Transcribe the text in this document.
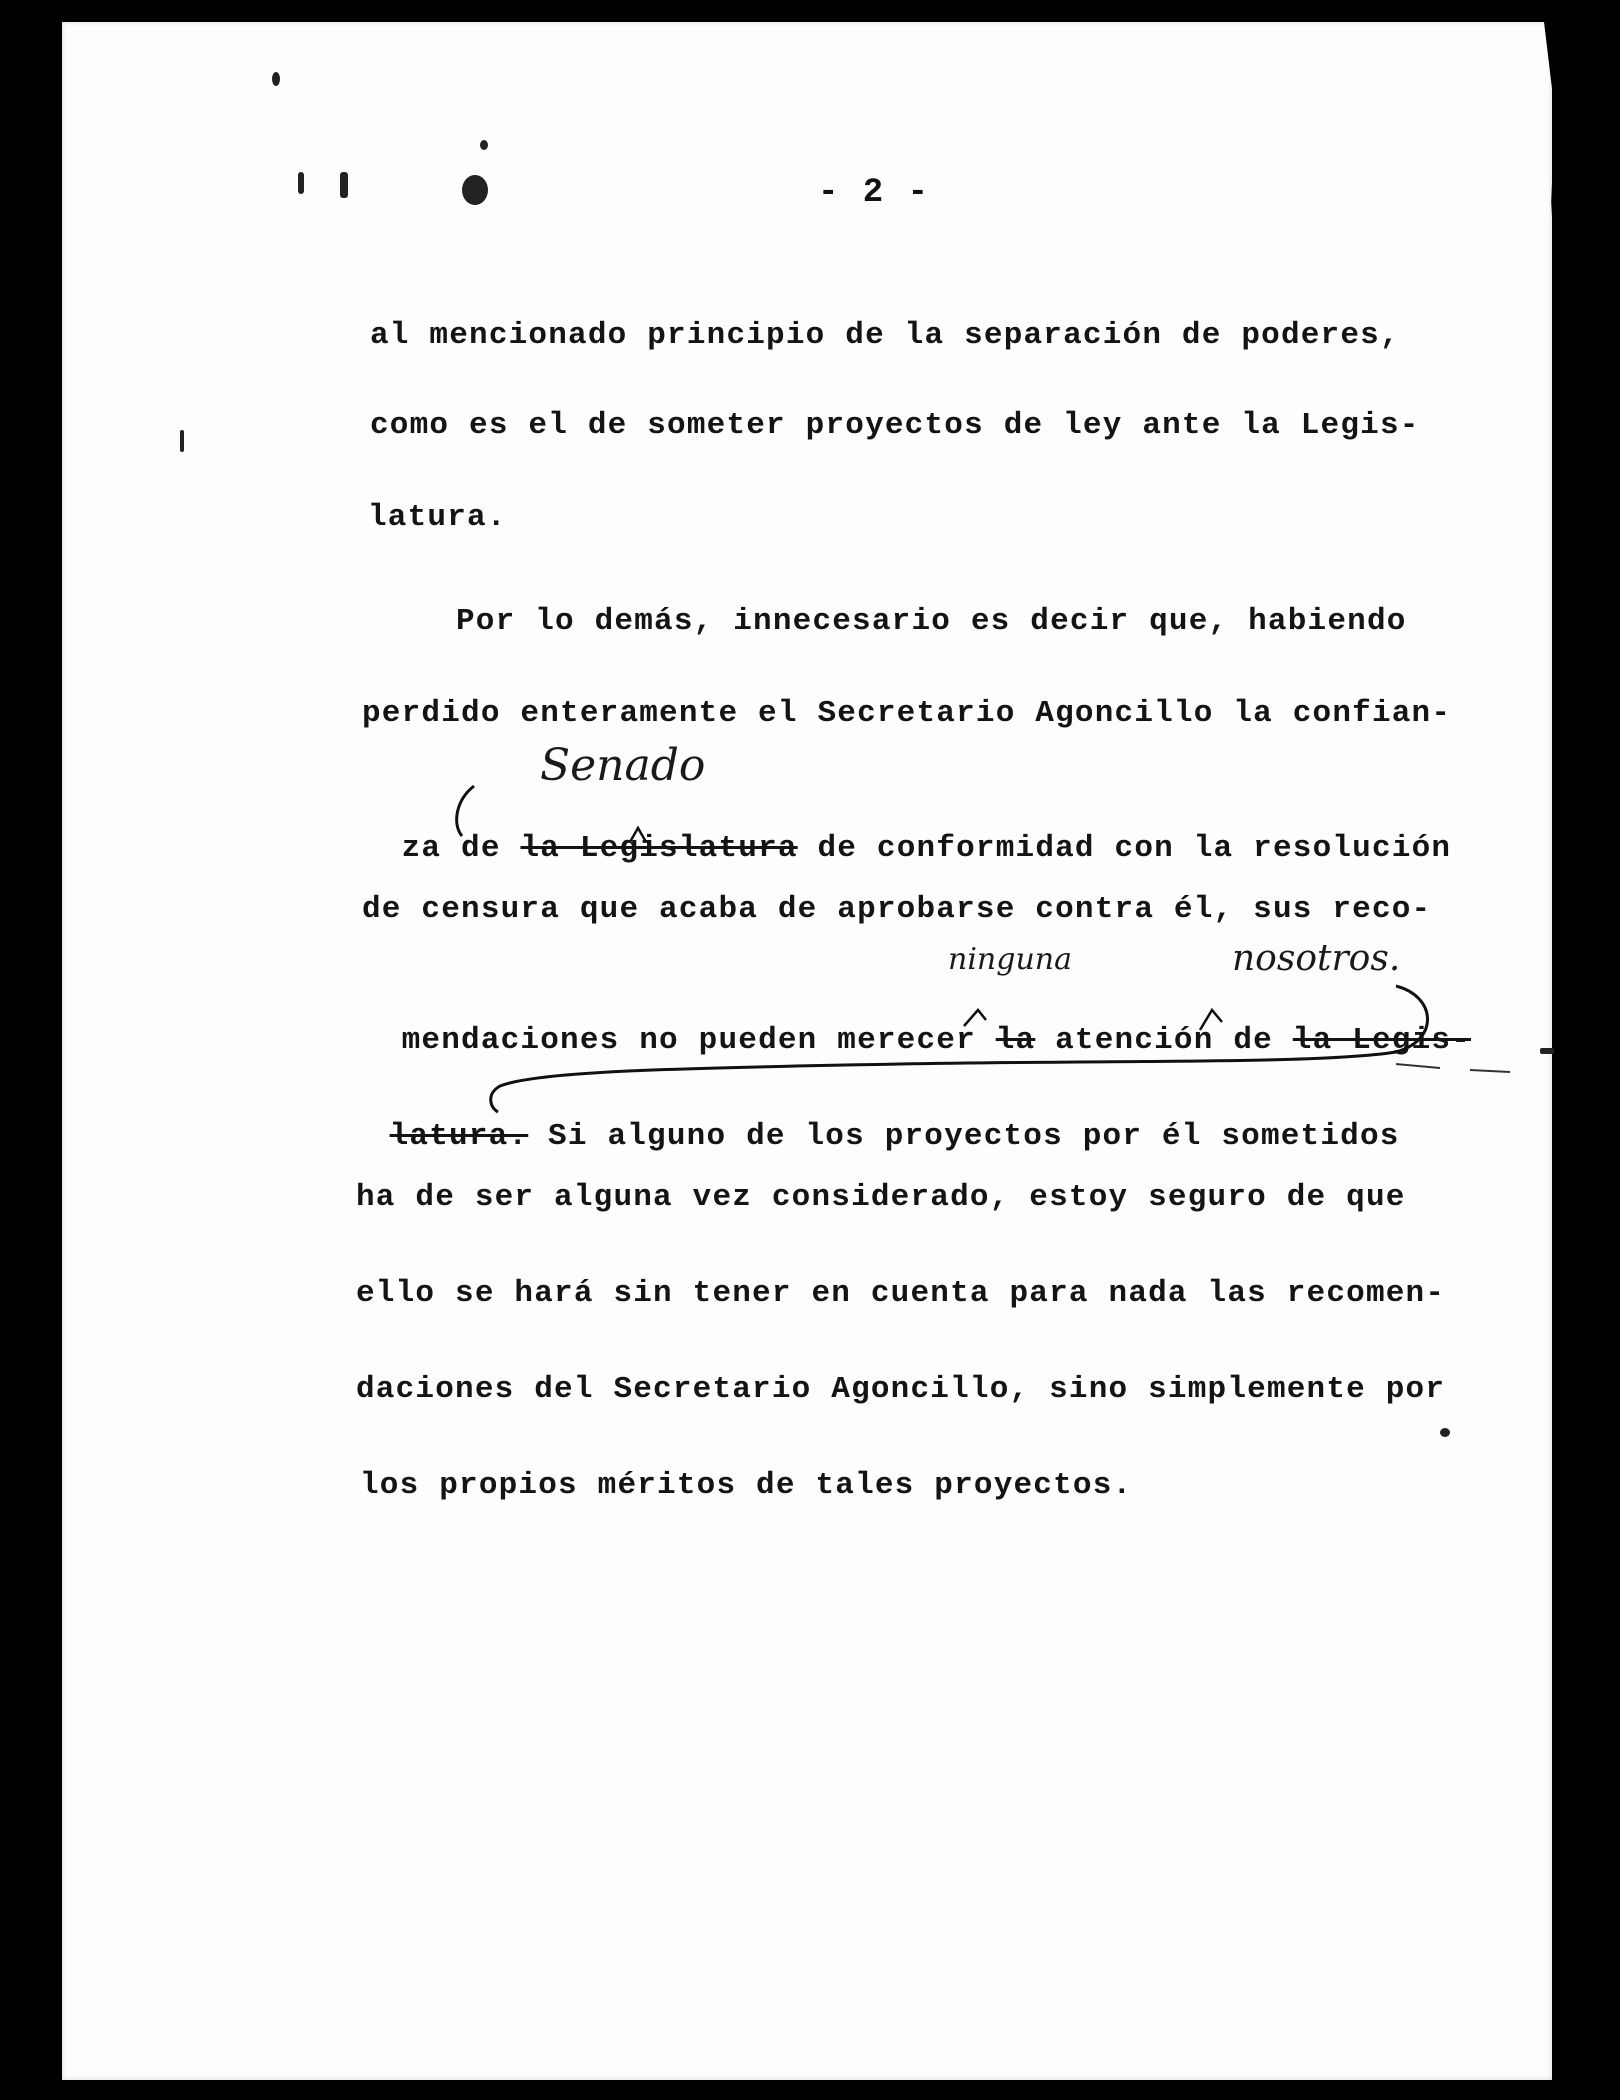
- 2 -
al mencionado principio de la separación de poderes,
como es el de someter proyectos de ley ante la Legis-
latura.
Por lo demás, innecesario es decir que, habiendo
perdido enteramente el Secretario Agoncillo la confian-

za de la Legislatura de conformidad con la resolución

de censura que acaba de aprobarse contra él, sus reco-

mendaciones no pueden merecer la atención de la Legis-

latura. Si alguno de los proyectos por él sometidos

ha de ser alguna vez considerado, estoy seguro de que
ello se hará sin tener en cuenta para nada las recomen-
daciones del Secretario Agoncillo, sino simplemente por
los propios méritos de tales proyectos.
Senado
ninguna	nosotros.
